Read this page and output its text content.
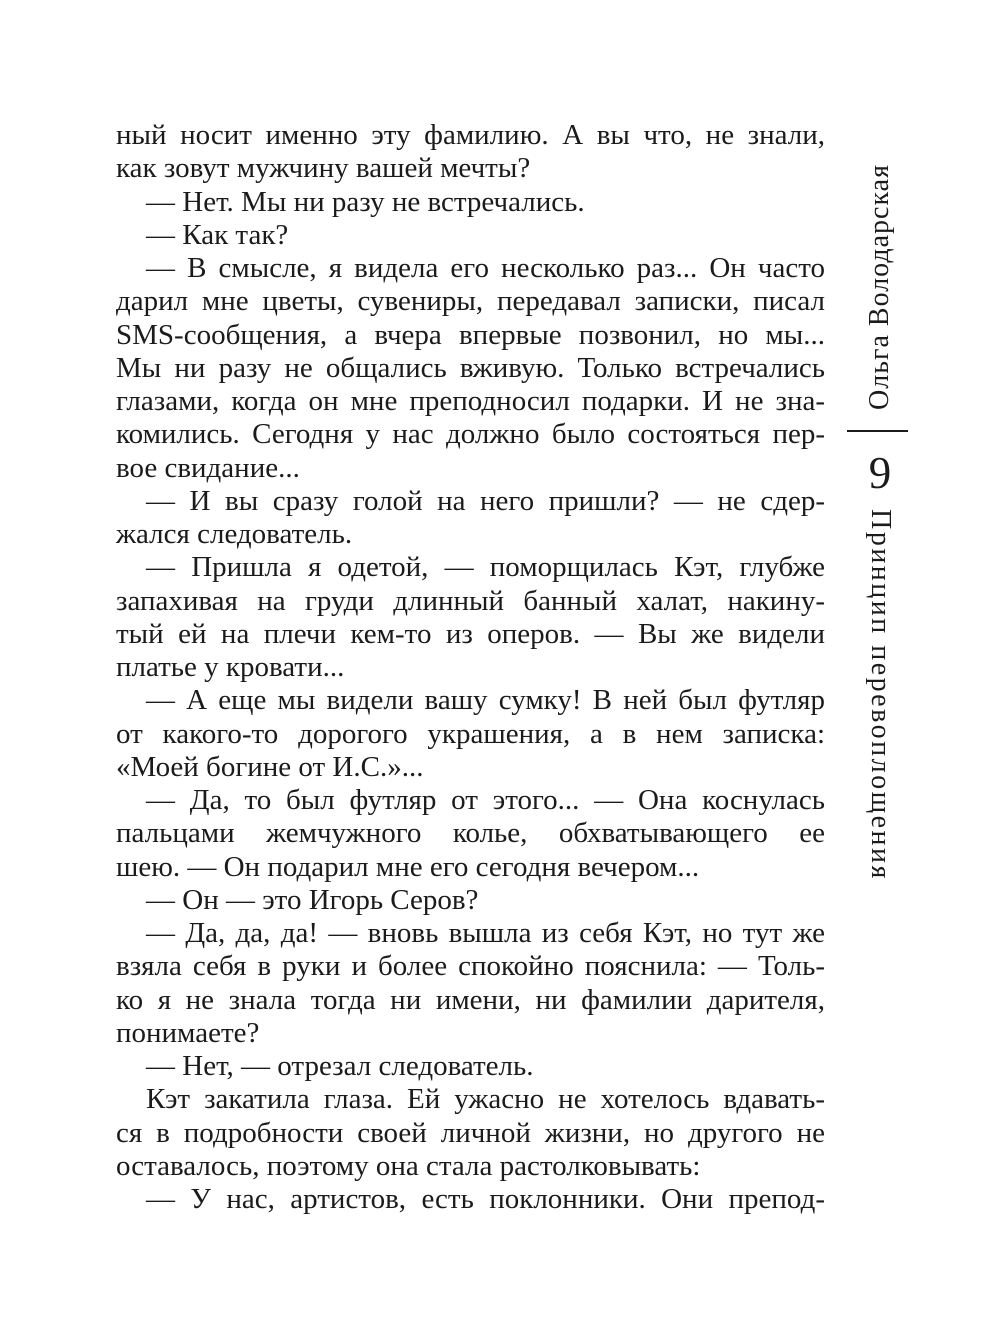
ный носит именно эту фамилию. А вы что, не знали,
как зовут мужчину вашей мечты?
— Нет. Мы ни разу не встречались.
— Как так?
— В смысле, я видела его несколько раз... Он часто
дарил мне цветы, сувениры, передавал записки, писал
SMS-сообщения, а вчера впервые позвонил, но мы...
Мы ни разу не общались вживую. Только встречались
глазами, когда он мне преподносил подарки. И не зна-
комились. Сегодня у нас должно было состояться пер-
вое свидание...
— И вы сразу голой на него пришли? — не сдер-
жался следователь.
— Пришла я одетой, — поморщилась Кэт, глубже
запахивая на груди длинный банный халат, накину-
тый ей на плечи кем-то из оперов. — Вы же видели
платье у кровати...
— А еще мы видели вашу сумку! В ней был футляр
от какого-то дорогого украшения, а в нем записка:
«Моей богине от И.С.»...
— Да, то был футляр от этого... — Она коснулась
пальцами жемчужного колье, обхватывающего ее
шею. — Он подарил мне его сегодня вечером...
— Он — это Игорь Серов?
— Да, да, да! — вновь вышла из себя Кэт, но тут же
взяла себя в руки и более спокойно пояснила: — Толь-
ко я не знала тогда ни имени, ни фамилии дарителя,
понимаете?
— Нет, — отрезал следователь.
Кэт закатила глаза. Ей ужасно не хотелось вдавать-
ся в подробности своей личной жизни, но другого не
оставалось, поэтому она стала растолковывать:
— У нас, артистов, есть поклонники. Они препод-
Ольга Володарская
9
Принцип перевоплощения
